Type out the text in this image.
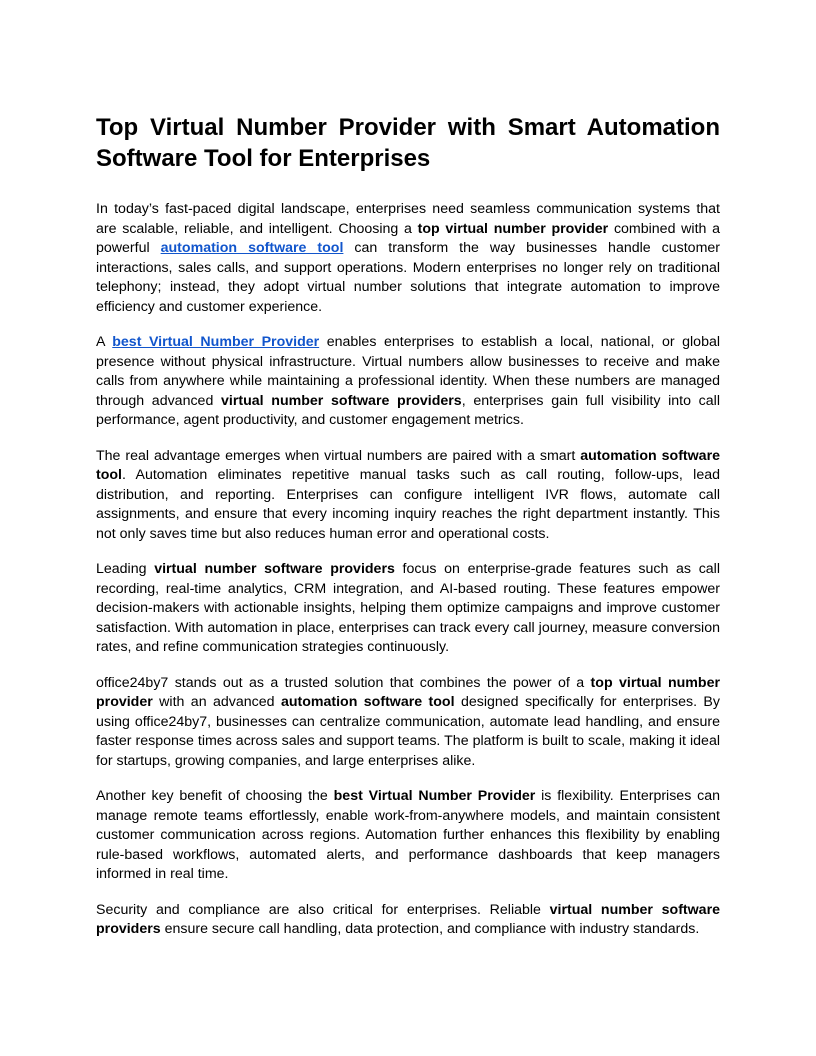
Top Virtual Number Provider with Smart Automation Software Tool for Enterprises

In today’s fast-paced digital landscape, enterprises need seamless communication systems that are scalable, reliable, and intelligent. Choosing a top virtual number provider combined with a powerful automation software tool can transform the way businesses handle customer interactions, sales calls, and support operations. Modern enterprises no longer rely on traditional telephony; instead, they adopt virtual number solutions that integrate automation to improve efficiency and customer experience.

A best Virtual Number Provider enables enterprises to establish a local, national, or global presence without physical infrastructure. Virtual numbers allow businesses to receive and make calls from anywhere while maintaining a professional identity. When these numbers are managed through advanced virtual number software providers, enterprises gain full visibility into call performance, agent productivity, and customer engagement metrics.

The real advantage emerges when virtual numbers are paired with a smart automation software tool. Automation eliminates repetitive manual tasks such as call routing, follow-ups, lead distribution, and reporting. Enterprises can configure intelligent IVR flows, automate call assignments, and ensure that every incoming inquiry reaches the right department instantly. This not only saves time but also reduces human error and operational costs.

Leading virtual number software providers focus on enterprise-grade features such as call recording, real-time analytics, CRM integration, and AI-based routing. These features empower decision-makers with actionable insights, helping them optimize campaigns and improve customer satisfaction. With automation in place, enterprises can track every call journey, measure conversion rates, and refine communication strategies continuously.

office24by7 stands out as a trusted solution that combines the power of a top virtual number provider with an advanced automation software tool designed specifically for enterprises. By using office24by7, businesses can centralize communication, automate lead handling, and ensure faster response times across sales and support teams. The platform is built to scale, making it ideal for startups, growing companies, and large enterprises alike.

Another key benefit of choosing the best Virtual Number Provider is flexibility. Enterprises can manage remote teams effortlessly, enable work-from-anywhere models, and maintain consistent customer communication across regions. Automation further enhances this flexibility by enabling rule-based workflows, automated alerts, and performance dashboards that keep managers informed in real time.

Security and compliance are also critical for enterprises. Reliable virtual number software providers ensure secure call handling, data protection, and compliance with industry standards.
